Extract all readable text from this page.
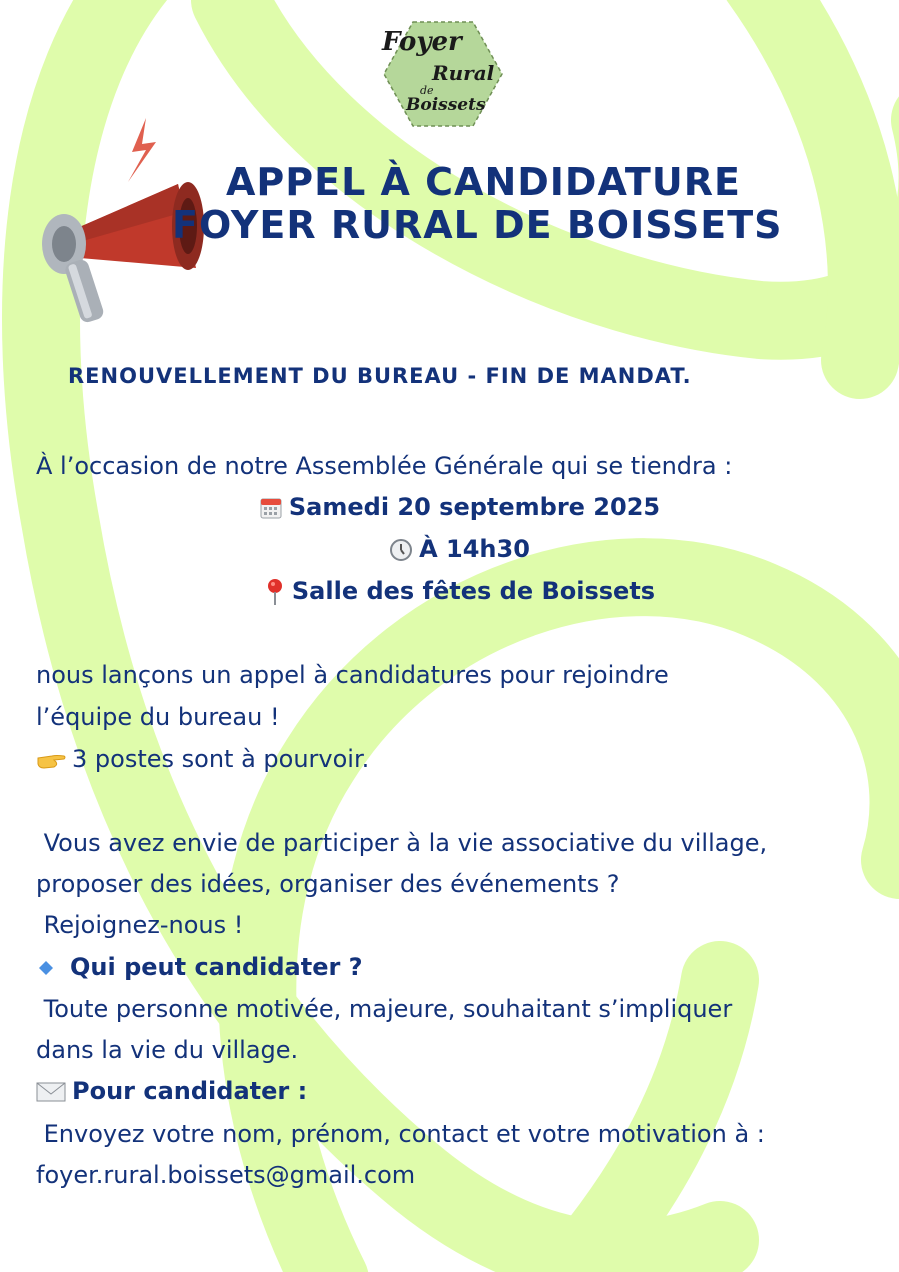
Foyer
Rural
de
Boissets
APPEL À CANDIDATURE
FOYER RURAL DE BOISSETS
RENOUVELLEMENT DU BUREAU - FIN DE MANDAT.
À l’occasion de notre Assemblée Générale qui se tiendra :
Samedi 20 septembre 2025
À 14h30
Salle des fêtes de Boissets
nous lançons un appel à candidatures pour rejoindre
l’équipe du bureau !
3 postes sont à pourvoir.
Vous avez envie de participer à la vie associative du village,
proposer des idées, organiser des événements ?
Rejoignez-nous !
Qui peut candidater ?
Toute personne motivée, majeure, souhaitant s’impliquer
dans la vie du village.
Pour candidater :
Envoyez votre nom, prénom, contact et votre motivation à :
foyer.rural.boissets@gmail.com
